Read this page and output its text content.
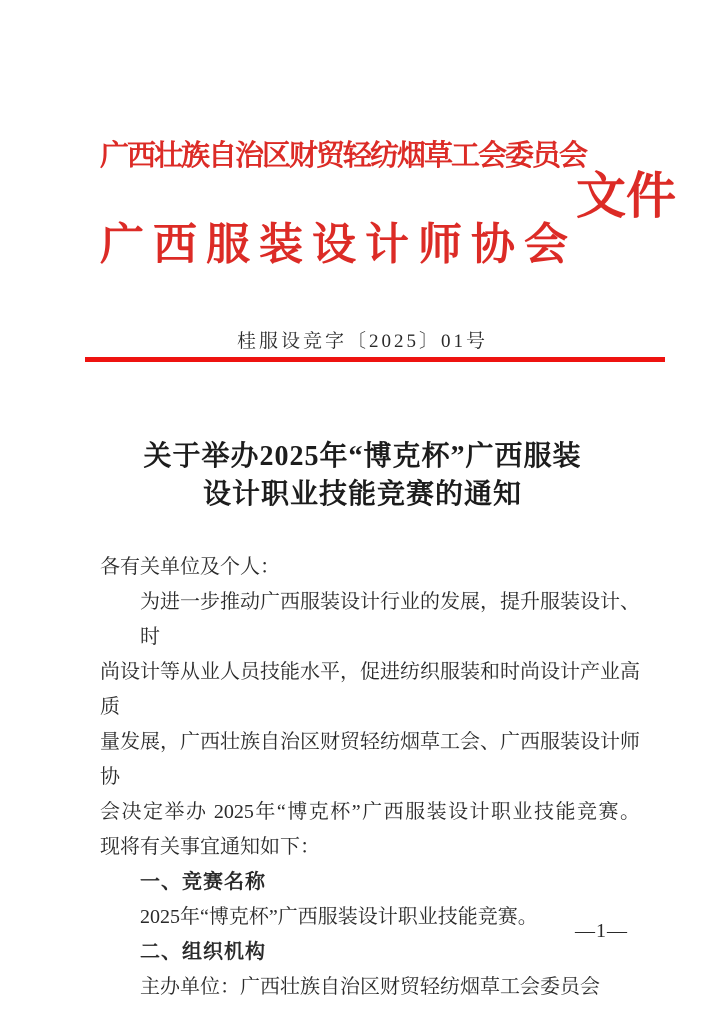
广西壮族自治区财贸轻纺烟草工会委员会
广西服装设计师协会
文件
桂服设竞字〔2025〕01号
关于举办2025年“博克杯”广西服装
设计职业技能竞赛的通知
各有关单位及个人：
为进一步推动广西服装设计行业的发展，提升服装设计、时
尚设计等从业人员技能水平，促进纺织服装和时尚设计产业高质
量发展，广西壮族自治区财贸轻纺烟草工会、广西服装设计师协
会决定举办 2025年“博克杯”广西服装设计职业技能竞赛。
现将有关事宜通知如下：
一、竞赛名称
2025年“博克杯”广西服装设计职业技能竞赛。
二、组织机构
主办单位：广西壮族自治区财贸轻纺烟草工会委员会
—1—
